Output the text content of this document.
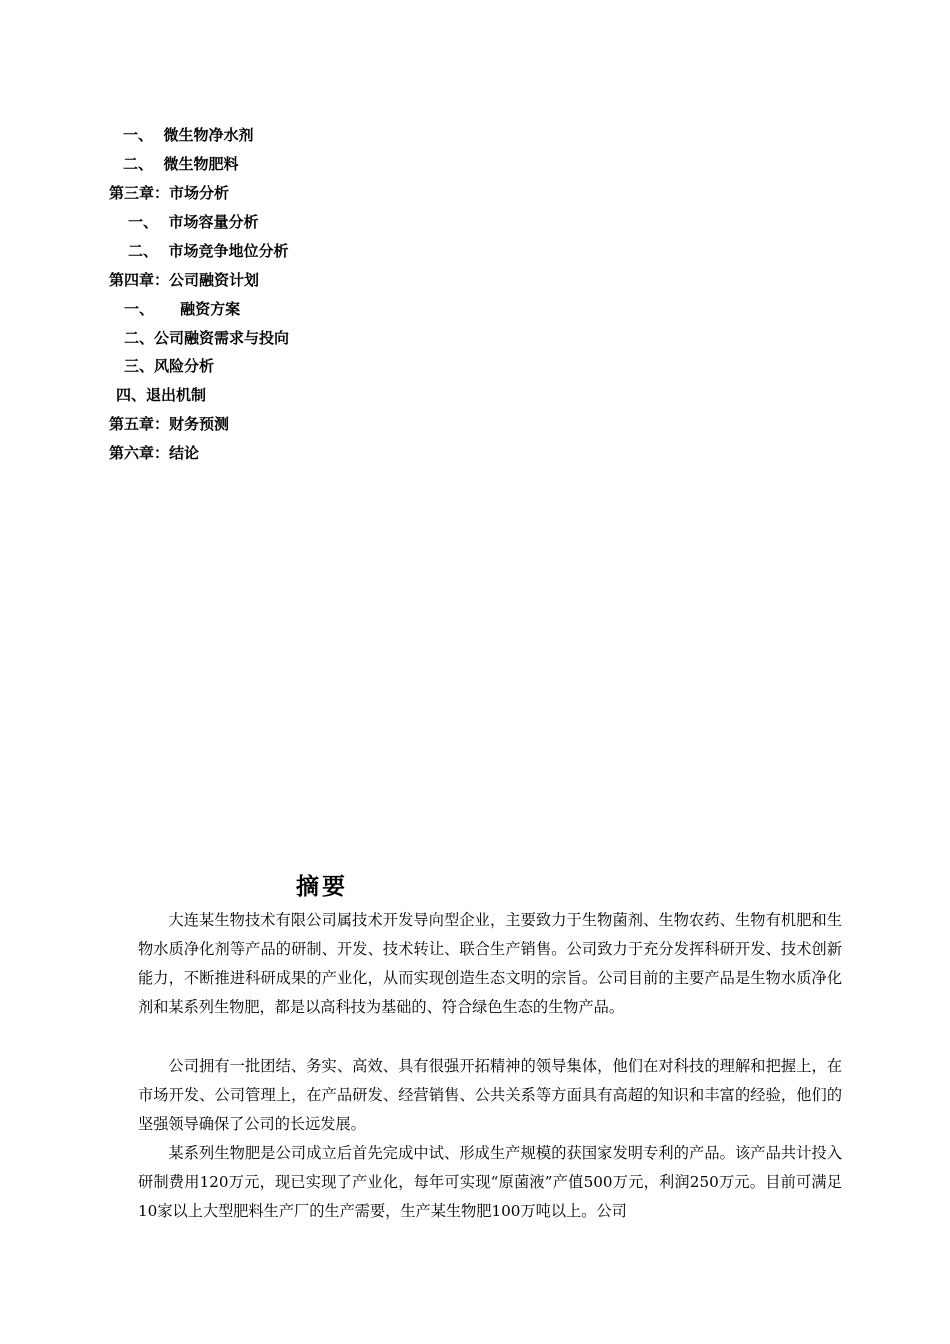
一、  微生物净水剂
二、  微生物肥料
第三章：市场分析
一、  市场容量分析
二、  市场竞争地位分析
第四章：公司融资计划
一、     融资方案
二、公司融资需求与投向
三、风险分析
四、退出机制
第五章：财务预测
第六章：结论
摘要

大连某生物技术有限公司属技术开发导向型企业，主要致力于生物菌剂、生物农药、生物有机肥和生物水质净化剂等产品的研制、开发、技术转让、联合生产销售。公司致力于充分发挥科研开发、技术创新能力，不断推进科研成果的产业化，从而实现创造生态文明的宗旨。公司目前的主要产品是生物水质净化剂和某系列生物肥，都是以高科技为基础的、符合绿色生态的生物产品。

公司拥有一批团结、务实、高效、具有很强开拓精神的领导集体，他们在对科技的理解和把握上，在市场开发、公司管理上，在产品研发、经营销售、公共关系等方面具有高超的知识和丰富的经验，他们的坚强领导确保了公司的长远发展。

某系列生物肥是公司成立后首先完成中试、形成生产规模的获国家发明专利的产品。该产品共计投入研制费用120万元，现已实现了产业化，每年可实现“原菌液”产值500万元，利润250万元。目前可满足10家以上大型肥料生产厂的生产需要，生产某生物肥100万吨以上。公司
